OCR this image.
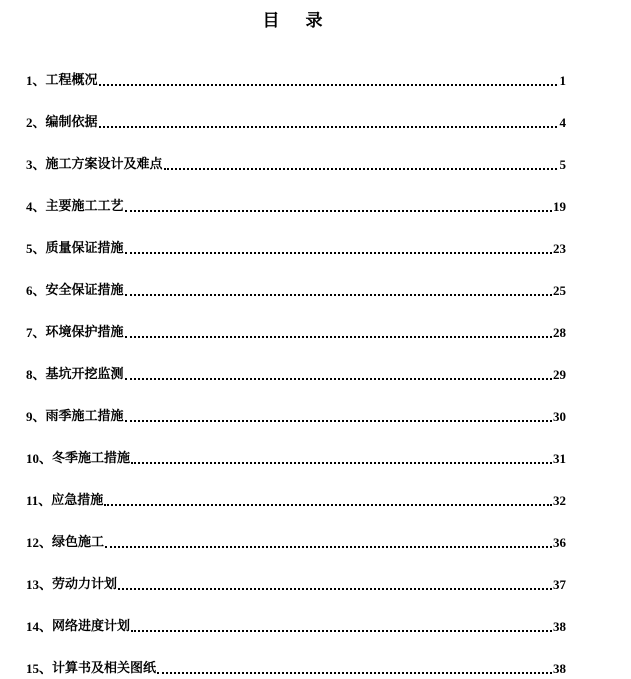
目 录
1、 工程概况	1
2、 编制依据	4
3、 施工方案设计及难点	5
4、 主要施工工艺	19
5、 质量保证措施	23
6、 安全保证措施	25
7、 环境保护措施	28
8、 基坑开挖监测	29
9、 雨季施工措施	30
10、 冬季施工措施	31
11、 应急措施	32
12、 绿色施工	36
13、 劳动力计划	37
14、 网络进度计划	38
15、 计算书及相关图纸	38
